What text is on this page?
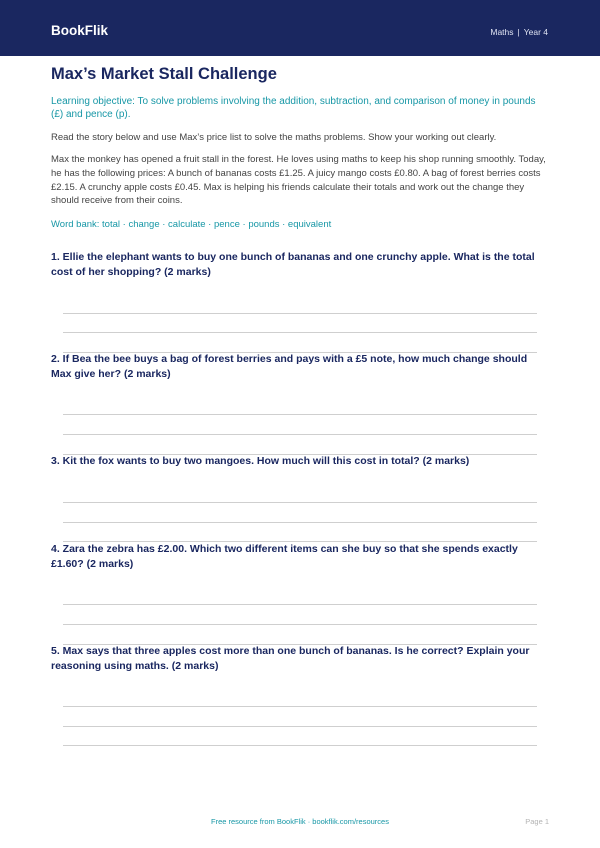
BookFlik	Maths | Year 4
Max’s Market Stall Challenge
Learning objective: To solve problems involving the addition, subtraction, and comparison of money in pounds (£) and pence (p).
Read the story below and use Max’s price list to solve the maths problems. Show your working out clearly.
Max the monkey has opened a fruit stall in the forest. He loves using maths to keep his shop running smoothly. Today, he has the following prices: A bunch of bananas costs £1.25. A juicy mango costs £0.80. A bag of forest berries costs £2.15. A crunchy apple costs £0.45. Max is helping his friends calculate their totals and work out the change they should receive from their coins.
Word bank: total · change · calculate · pence · pounds · equivalent

1. Ellie the elephant wants to buy one bunch of bananas and one crunchy apple. What is the total cost of her shopping? (2 marks)

2. If Bea the bee buys a bag of forest berries and pays with a £5 note, how much change should Max give her? (2 marks)

3. Kit the fox wants to buy two mangoes. How much will this cost in total? (2 marks)

4. Zara the zebra has £2.00. Which two different items can she buy so that she spends exactly £1.60? (2 marks)

5. Max says that three apples cost more than one bunch of bananas. Is he correct? Explain your reasoning using maths. (2 marks)

Free resource from BookFlik · bookflik.com/resources	Page 1
